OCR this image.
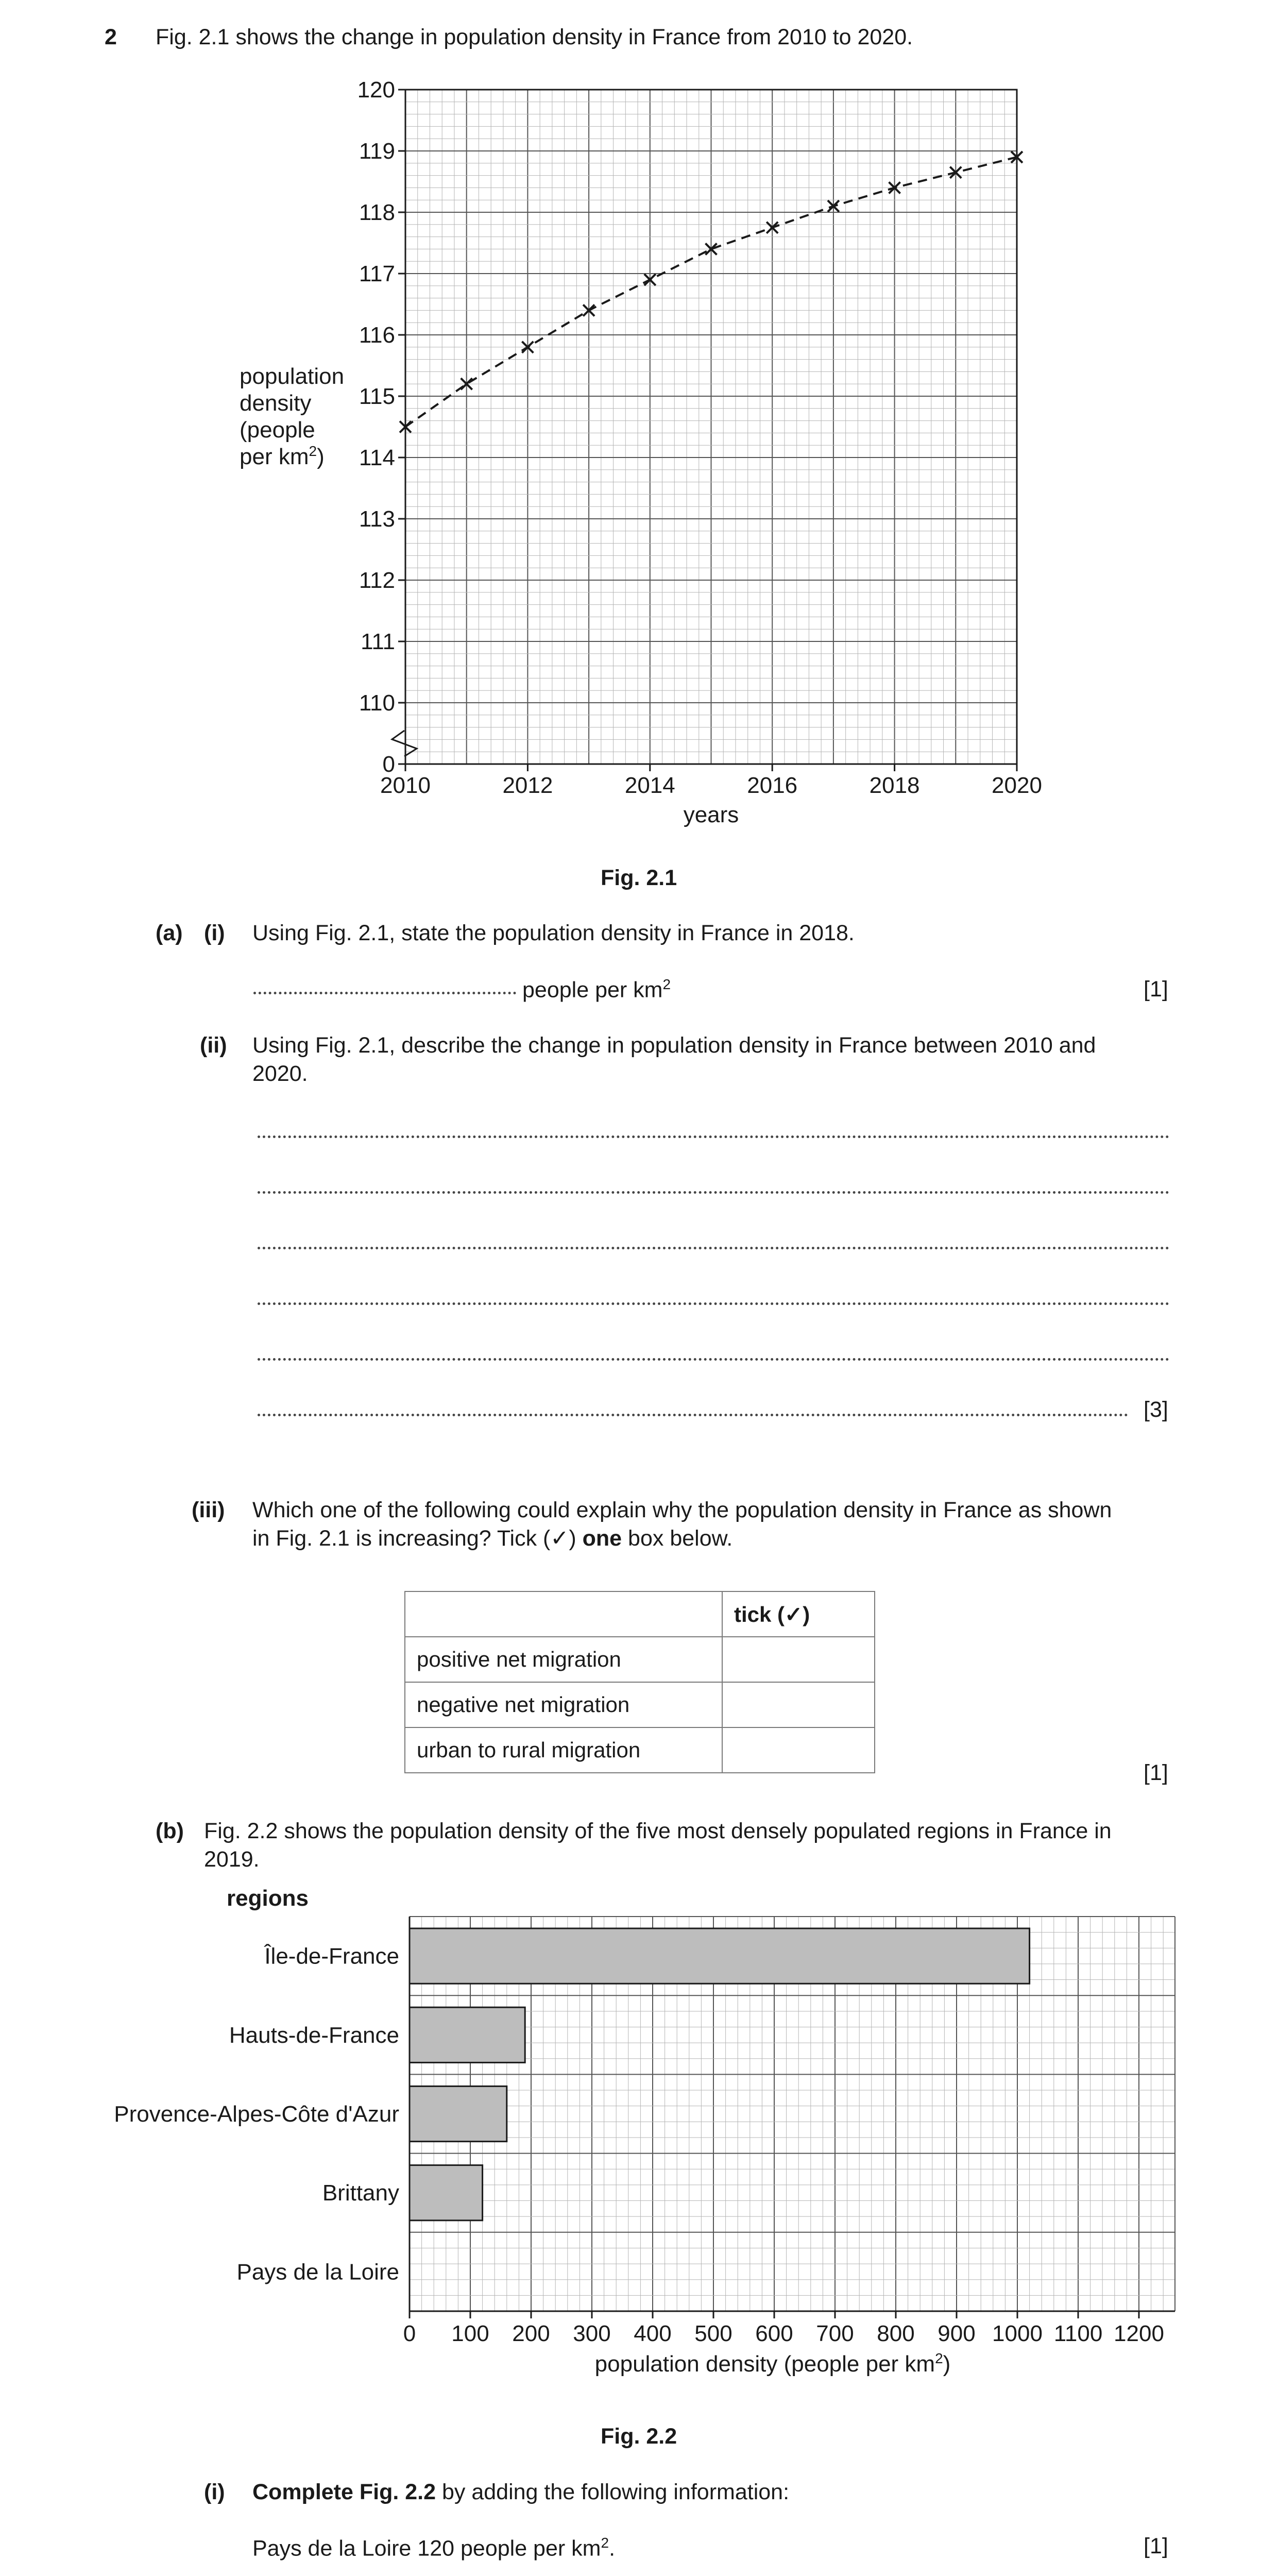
2 Fig. 2.1 shows the change in population density in France from 2010 to 2020.
0
110
111
112
113
114
115
116
117
118
119
120
2010	2012	2014	2016	2018	2020
years
population
density
(people
per $km^2$)
Fig. 2.1
(a) (i) Using Fig. 2.1, state the population density in France in 2018.
people per $km^2$	[1]
(ii) Using Fig. 2.1, describe the change in population density in France between 2010 and
2020.
[3]
(iii) Which one of the following could explain why the population density in France as shown
in Fig. 2.1 is increasing? Tick (✓) one box below.
	tick (✓)
positive net migration	
negative net migration	
urban to rural migration	
[1]
(b) Fig. 2.2 shows the population density of the five most densely populated regions in France in
2019.
0 100 200 300 400 500 600 700 800 900 1000 1100 1200
population density (people per $km^2$)
regions
Île-de-France
Hauts-de-France
Provence-Alpes-Côte d'Azur
Brittany
Pays de la Loire
Fig. 2.2
(i) Complete Fig. 2.2 by adding the following information:
Pays de la Loire 120 people per $km^2$.	[1]
